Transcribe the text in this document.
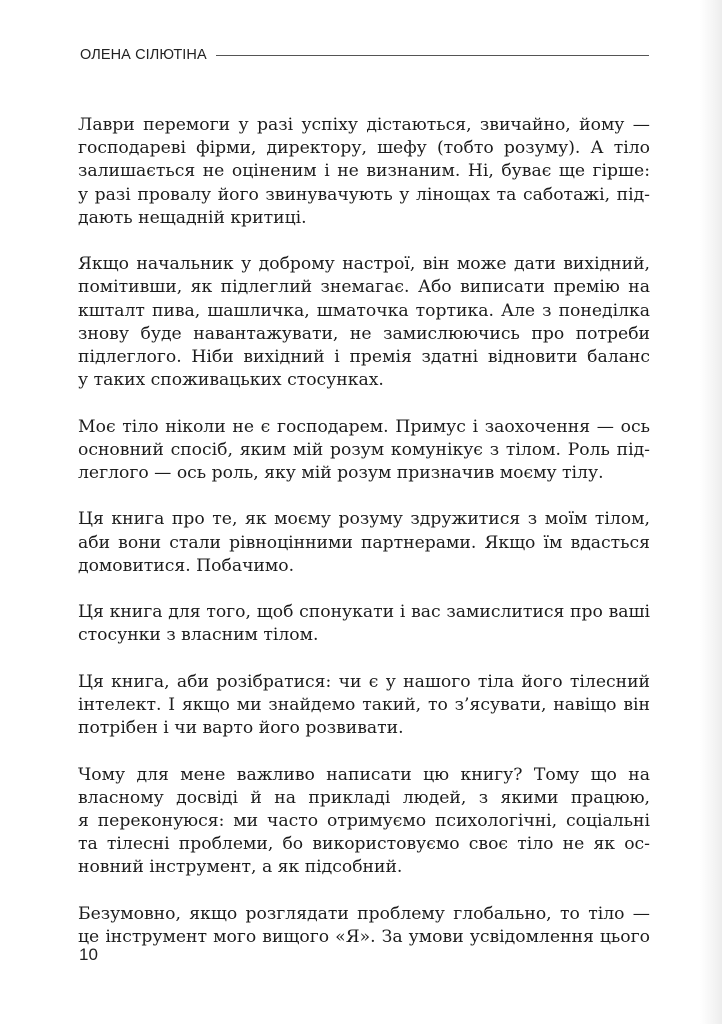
ОЛЕНА СІЛЮТІНА

Лаври перемоги у разі успіху дістаються, звичайно, йому —
господареві фірми, директору, шефу (тобто розуму). А тіло
залишається не оціненим і не визнаним. Ні, буває ще гірше:
у разі провалу його звинувачують у лінощах та саботажі, під-
дають нещадній критиці.

Якщо начальник у доброму настрої, він може дати вихідний,
помітивши, як підлеглий знемагає. Або виписати премію на
кшталт пива, шашличка, шматочка тортика. Але з понеділка
знову буде навантажувати, не замислюючись про потреби
підлеглого. Ніби вихідний і премія здатні відновити баланс
у таких споживацьких стосунках.

Моє тіло ніколи не є господарем. Примус і заохочення — ось
основний спосіб, яким мій розум комунікує з тілом. Роль під-
леглого — ось роль, яку мій розум призначив моєму тілу.

Ця книга про те, як моєму розуму здружитися з моїм тілом,
аби вони стали рівноцінними партнерами. Якщо їм вдасться
домовитися. Побачимо.

Ця книга для того, щоб спонукати і вас замислитися про ваші
стосунки з власним тілом.

Ця книга, аби розібратися: чи є у нашого тіла його тілесний
інтелект. І якщо ми знайдемо такий, то з’ясувати, навіщо він
потрібен і чи варто його розвивати.

Чому для мене важливо написати цю книгу? Тому що на
власному досвіді й на прикладі людей, з якими працюю,
я переконуюся: ми часто отримуємо психологічні, соціальні
та тілесні проблеми, бо використовуємо своє тіло не як ос-
новний інструмент, а як підсобний.

Безумовно, якщо розглядати проблему глобально, то тіло —
це інструмент мого вищого «Я». За умови усвідомлення цього

10
